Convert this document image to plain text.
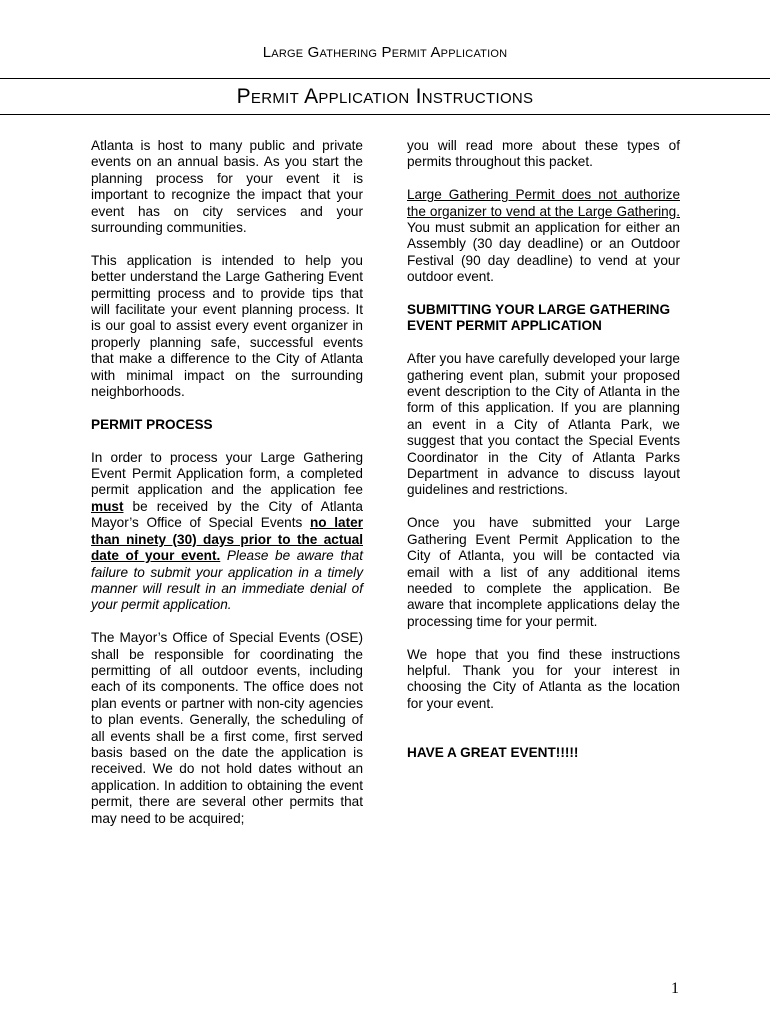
Large Gathering Permit Application
Permit Application Instructions

Atlanta is host to many public and private events on an annual basis. As you start the planning process for your event it is important to recognize the impact that your event has on city services and your surrounding communities.

This application is intended to help you better understand the Large Gathering Event permitting process and to provide tips that will facilitate your event planning process. It is our goal to assist every event organizer in properly planning safe, successful events that make a difference to the City of Atlanta with minimal impact on the surrounding neighborhoods.

PERMIT PROCESS

In order to process your Large Gathering Event Permit Application form, a completed permit application and the application fee must be received by the City of Atlanta Mayor’s Office of Special Events no later than ninety (30) days prior to the actual date of your event. Please be aware that failure to submit your application in a timely manner will result in an immediate denial of your permit application.

The Mayor’s Office of Special Events (OSE) shall be responsible for coordinating the permitting of all outdoor events, including each of its components. The office does not plan events or partner with non-city agencies to plan events. Generally, the scheduling of all events shall be a first come, first served basis based on the date the application is received. We do not hold dates without an application. In addition to obtaining the event permit, there are several other permits that may need to be acquired;

you will read more about these types of permits throughout this packet.

Large Gathering Permit does not authorize the organizer to vend at the Large Gathering. You must submit an application for either an Assembly (30 day deadline) or an Outdoor Festival (90 day deadline) to vend at your outdoor event.

SUBMITTING YOUR LARGE GATHERING EVENT PERMIT APPLICATION

After you have carefully developed your large gathering event plan, submit your proposed event description to the City of Atlanta in the form of this application. If you are planning an event in a City of Atlanta Park, we suggest that you contact the Special Events Coordinator in the City of Atlanta Parks Department in advance to discuss layout guidelines and restrictions.

Once you have submitted your Large Gathering Event Permit Application to the City of Atlanta, you will be contacted via email with a list of any additional items needed to complete the application. Be aware that incomplete applications delay the processing time for your permit.

We hope that you find these instructions helpful. Thank you for your interest in choosing the City of Atlanta as the location for your event.

HAVE A GREAT EVENT!!!!!
1
